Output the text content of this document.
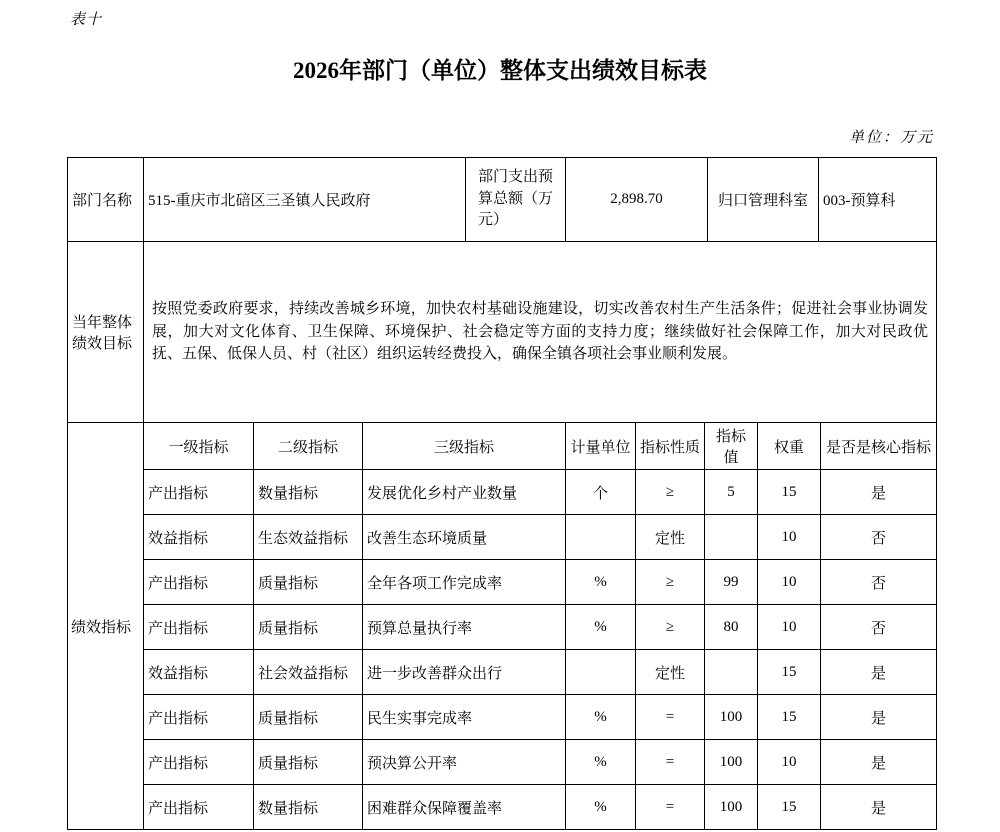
表十
2026年部门（单位）整体支出绩效目标表
单位：万元
部门名称	515-重庆市北碚区三圣镇人民政府	部门支出预算总额（万元）	2,898.70	归口管理科室	003-预算科
当年整体绩效目标	按照党委政府要求，持续改善城乡环境，加快农村基础设施建设，切实改善农村生产生活条件；促进社会事业协调发展，加大对文化体育、卫生保障、环境保护、社会稳定等方面的支持力度；继续做好社会保障工作，加大对民政优抚、五保、低保人员、村（社区）组织运转经费投入，确保全镇各项社会事业顺利发展。				
绩效指标	一级指标	二级指标	三级指标	计量单位	指标性质	指标值	权重	是否是核心指标
	产出指标	数量指标	发展优化乡村产业数量	个	≥	5	15	是
	效益指标	生态效益指标	改善生态环境质量		定性		10	否
	产出指标	质量指标	全年各项工作完成率	%	≥	99	10	否
	产出指标	质量指标	预算总量执行率	%	≥	80	10	否
	效益指标	社会效益指标	进一步改善群众出行		定性		15	是
	产出指标	质量指标	民生实事完成率	%	=	100	15	是
	产出指标	质量指标	预决算公开率	%	=	100	10	是
	产出指标	数量指标	困难群众保障覆盖率	%	=	100	15	是
